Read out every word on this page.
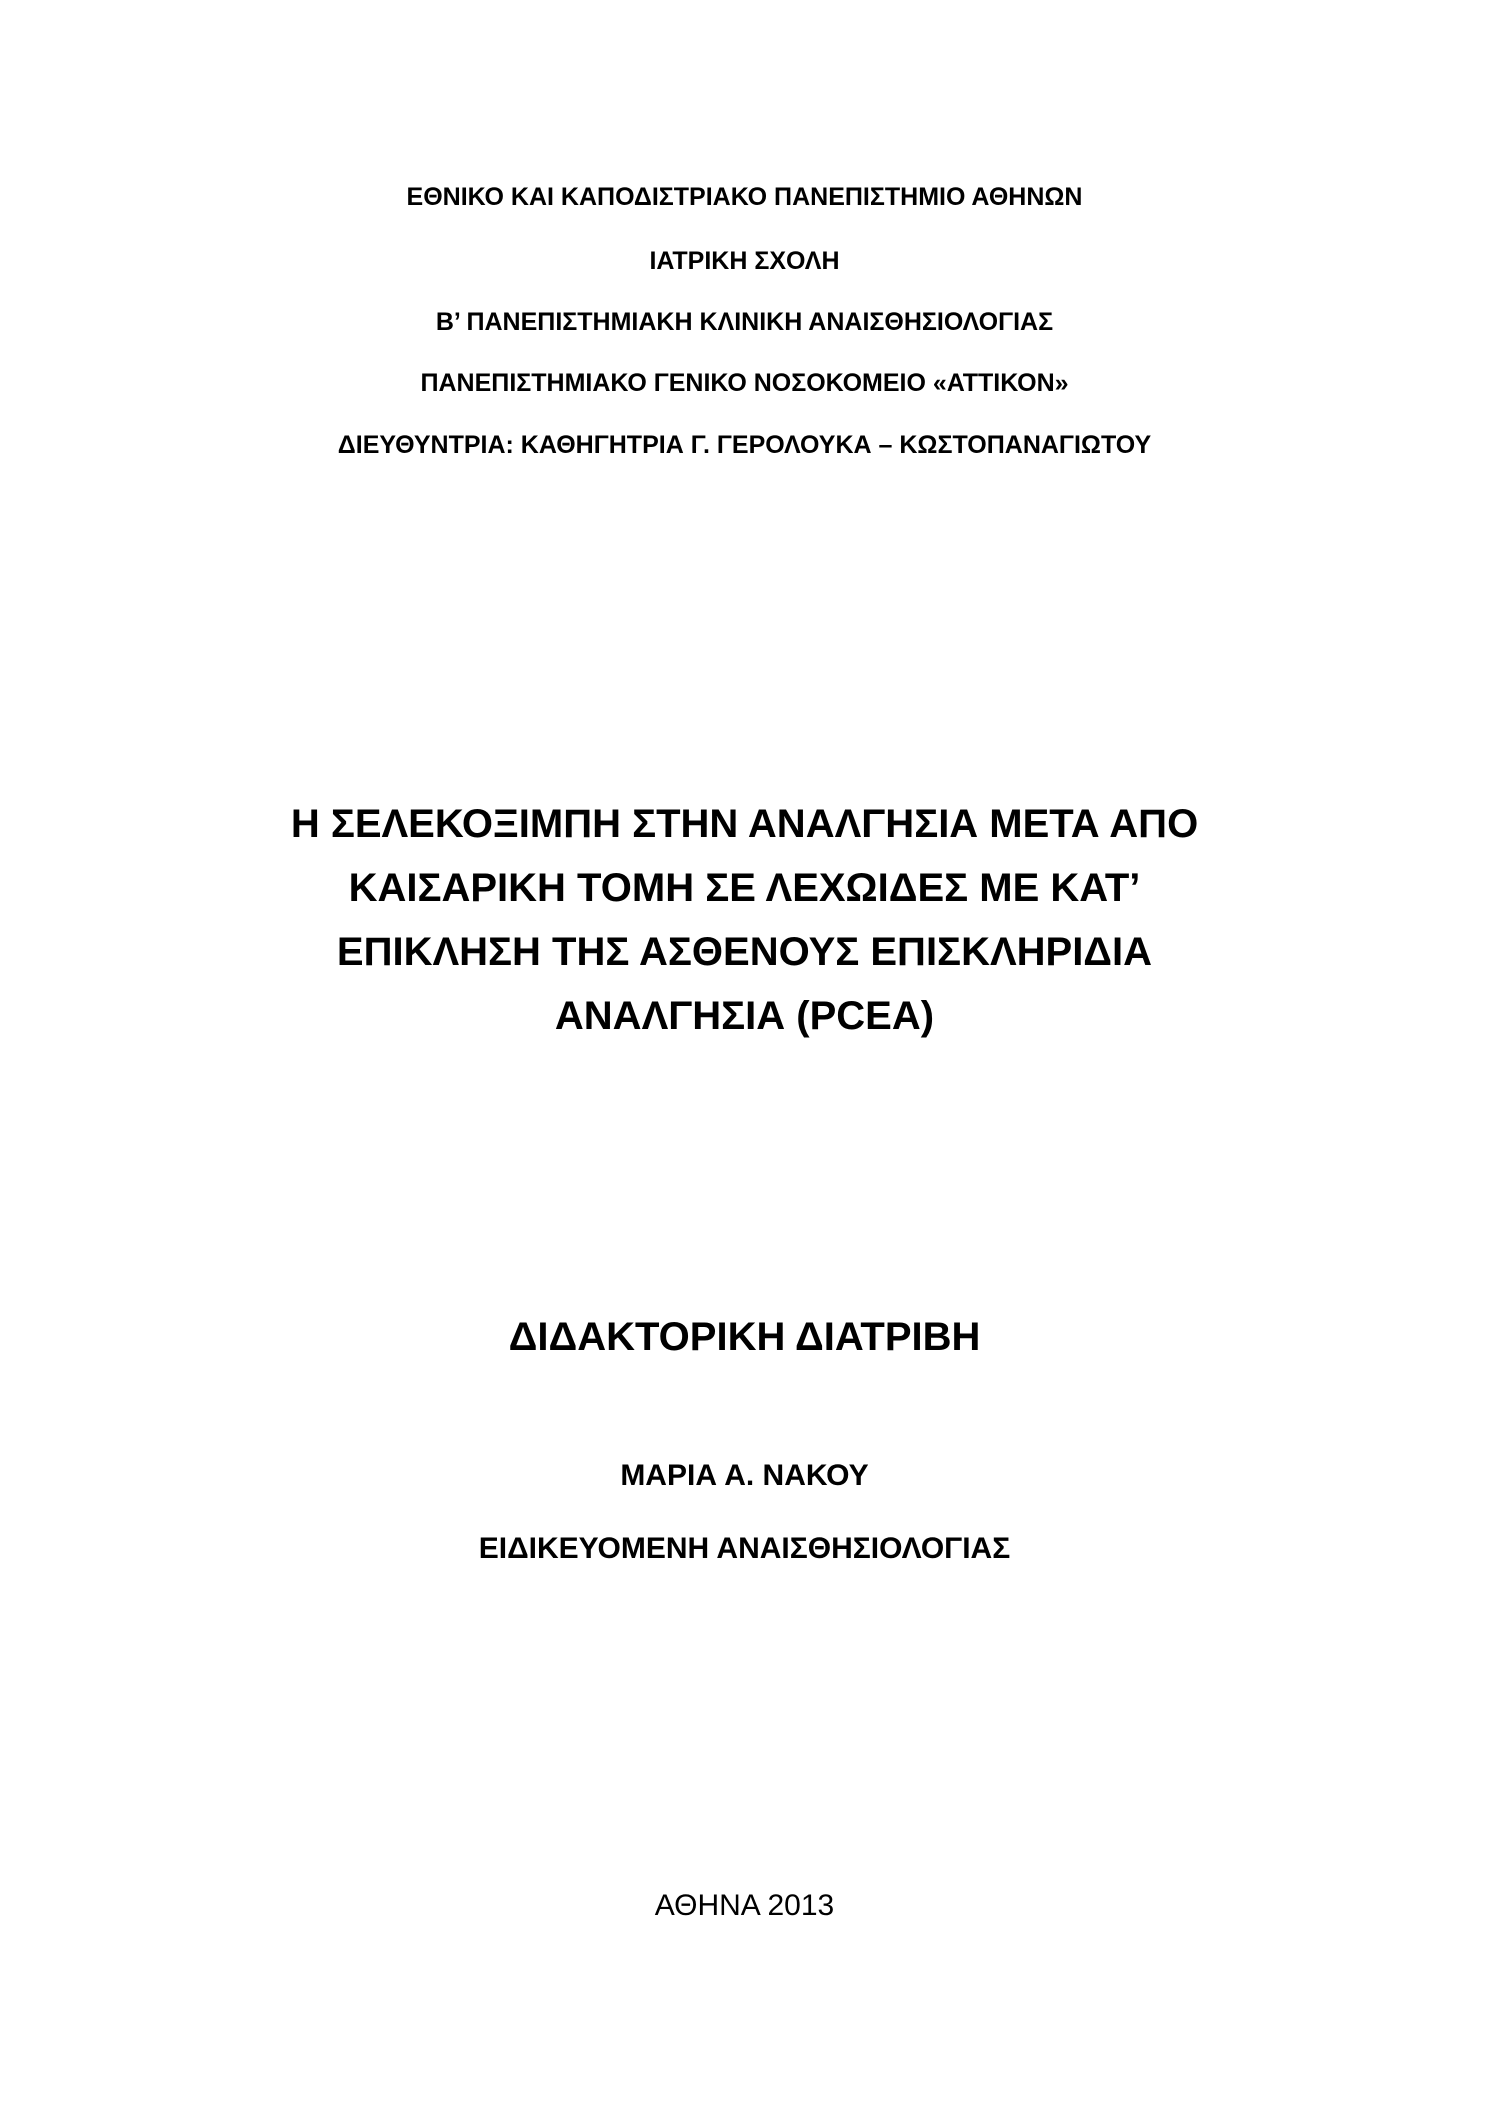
ΕΘΝΙΚΟ ΚΑΙ ΚΑΠΟΔΙΣΤΡΙΑΚΟ ΠΑΝΕΠΙΣΤΗΜΙΟ ΑΘΗΝΩΝ

ΙΑΤΡΙΚΗ ΣΧΟΛΗ

Β’ ΠΑΝΕΠΙΣΤΗΜΙΑΚΗ ΚΛΙΝΙΚΗ ΑΝΑΙΣΘΗΣΙΟΛΟΓΙΑΣ

ΠΑΝΕΠΙΣΤΗΜΙΑΚΟ ΓΕΝΙΚΟ ΝΟΣΟΚΟΜΕΙΟ «ΑΤΤΙΚΟΝ»

ΔΙΕΥΘΥΝΤΡΙΑ: ΚΑΘΗΓΗΤΡΙΑ Γ. ΓΕΡΟΛΟΥΚΑ – ΚΩΣΤΟΠΑΝΑΓΙΩΤΟΥ

Η ΣΕΛΕΚΟΞΙΜΠΗ ΣΤΗΝ ΑΝΑΛΓΗΣΙΑ ΜΕΤΑ ΑΠΟ

ΚΑΙΣΑΡΙΚΗ ΤΟΜΗ ΣΕ ΛΕΧΩΙΔΕΣ ΜΕ ΚΑΤ’

ΕΠΙΚΛΗΣΗ ΤΗΣ ΑΣΘΕΝΟΥΣ ΕΠΙΣΚΛΗΡΙΔΙΑ

ΑΝΑΛΓΗΣΙΑ (PCEA)

ΔΙΔΑΚΤΟΡΙΚΗ ΔΙΑΤΡΙΒΗ

ΜΑΡΙΑ Α. ΝΑΚΟΥ

ΕΙΔΙΚΕΥΟΜΕΝΗ ΑΝΑΙΣΘΗΣΙΟΛΟΓΙΑΣ

ΑΘΗΝΑ 2013
